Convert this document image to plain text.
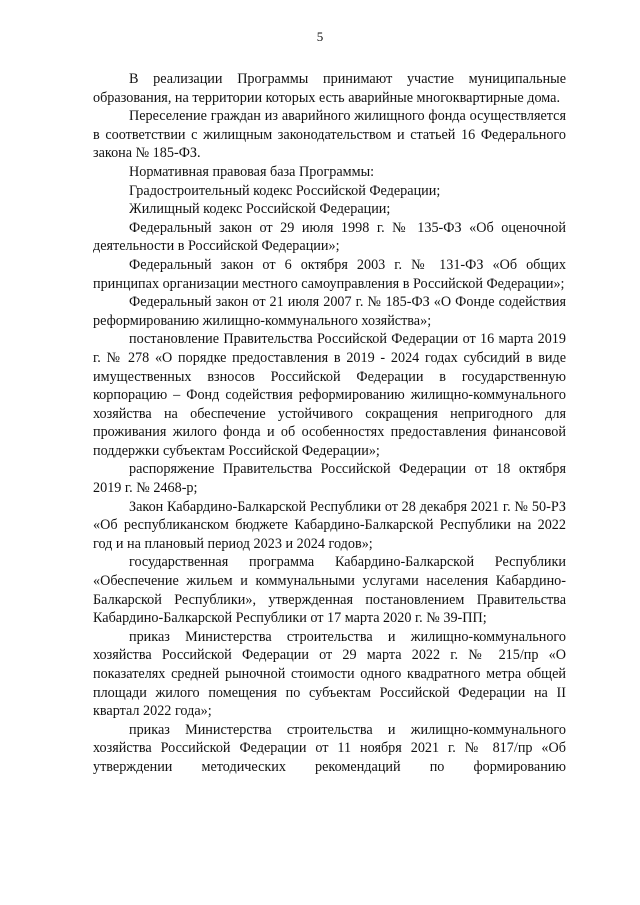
5

В реализации Программы принимают участие муниципальные образования, на территории которых есть аварийные многоквартирные дома.

Переселение граждан из аварийного жилищного фонда осуществляется в соответствии с жилищным законодательством и статьей 16 Федерального закона № 185-ФЗ.

Нормативная правовая база Программы:

Градостроительный кодекс Российской Федерации;

Жилищный кодекс Российской Федерации;

Федеральный закон от 29 июля 1998 г. № 135-ФЗ «Об оценочной деятельности в Российской Федерации»;

Федеральный закон от 6 октября 2003 г. № 131-ФЗ «Об общих принципах организации местного самоуправления в Российской Федерации»;

Федеральный закон от 21 июля 2007 г. № 185-ФЗ «О Фонде содействия реформированию жилищно-коммунального хозяйства»;

постановление Правительства Российской Федерации от 16 марта 2019 г. № 278 «О порядке предоставления в 2019 - 2024 годах субсидий в виде имущественных взносов Российской Федерации в государственную корпорацию – Фонд содействия реформированию жилищно-коммунального хозяйства на обеспечение устойчивого сокращения непригодного для проживания жилого фонда и об особенностях предоставления финансовой поддержки субъектам Российской Федерации»;

распоряжение Правительства Российской Федерации от 18 октября 2019 г. № 2468-р;

Закон Кабардино-Балкарской Республики от 28 декабря 2021 г. № 50-РЗ «Об республиканском бюджете Кабардино-Балкарской Республики на 2022 год и на плановый период 2023 и 2024 годов»;

государственная программа Кабардино-Балкарской Республики «Обеспечение жильем и коммунальными услугами населения Кабардино-Балкарской Республики», утвержденная постановлением Правительства Кабардино-Балкарской Республики от 17 марта 2020 г. № 39-ПП;

приказ Министерства строительства и жилищно-коммунального хозяйства Российской Федерации от 29 марта 2022 г. № 215/пр «О показателях средней рыночной стоимости одного квадратного метра общей площади жилого помещения по субъектам Российской Федерации на II квартал 2022 года»;

приказ Министерства строительства и жилищно-коммунального хозяйства Российской Федерации от 11 ноября 2021 г. № 817/пр «Об утверждении методических рекомендаций по формированию
